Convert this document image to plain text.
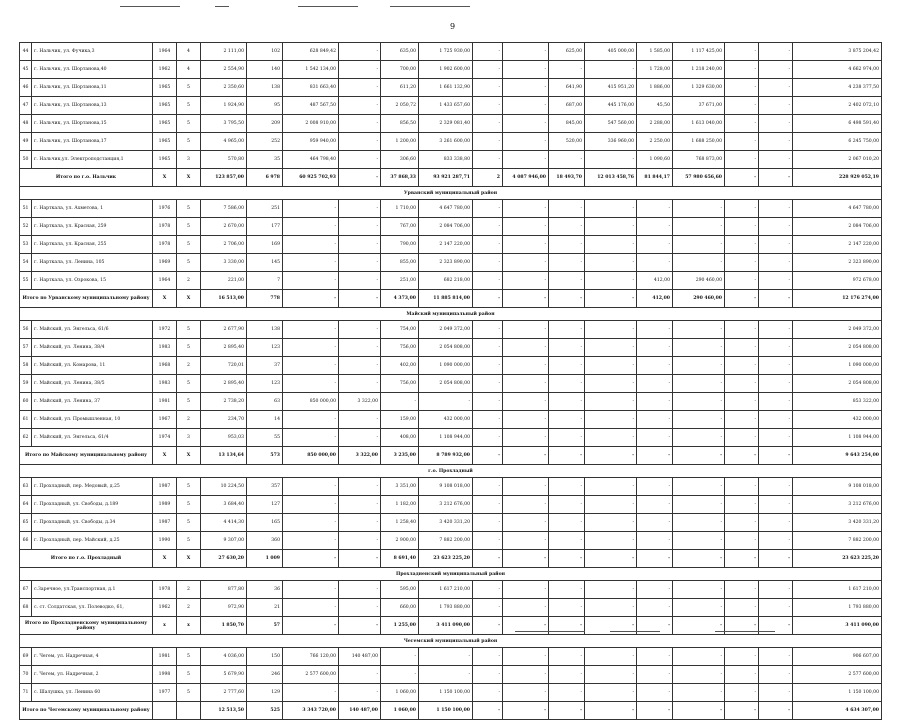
9
44	г. Нальчик, ул. Фучика,3	1964	4	2 111,00	102	628 849,42	-	635,00	1 725 930,00	-	-	625,00	405 000,00	1 585,00	1 117 425,00	-	-	3 875 204,42
45	г. Нальчик, ул. Шортанова,40	1962	4	2 554,90	140	1 542 134,00	-	700,00	1 902 600,00	-	-	-	-	1 728,00	1 218 240,00	-	-	4 662 974,00
46	г. Нальчик, ул. Шортанова,11	1965	5	2 350,60	138	831 663,40	-	611,20	1 661 132,90	-	-	641,90	415 951,20	1 886,00	1 329 630,00	-	-	4 238 377,50
47	г. Нальчик, ул. Шортанова,13	1965	5	1 924,90	95	487 567,50	-	2 050,72	1 433 657,60	-	-	687,00	445 176,00	45,50	37 671,00	-	-	2 402 072,10
48	г. Нальчик, ул. Шортанова,15	1965	5	3 795,50	209	2 008 910,00	-	856,50	2 329 081,40	-	-	845,00	547 560,00	2 288,00	1 613 040,00	-	-	6 498 591,40
49	г. Нальчик, ул. Шортанова,17	1965	5	4 965,00	252	959 940,00	-	1 200,00	3 261 600,00	-	-	520,00	336 960,00	2 250,00	1 688 250,00	-	-	6 245 750,00
50	г. Нальчик,ул. Электроподстанция,1	1965	3	570,80	35	464 798,40	-	306,60	833 338,80	-	-	-	-	1 090,60	768 873,00	-	-	2 067 010,20
Итого по г.о. Нальчик		X	X	123 857,00	6 978	60 925 702,93	-	37 868,33	93 921 287,71	2	4 087 946,00	18 493,70	12 013 458,76	81 844,17	57 980 656,60	-	-	228 929 052,19
Урванский муниципальный район																		
51	г. Нарткала, ул. Ахметова, 1	1976	5	7 586,00	251	-	-	1 710,00	4 647 780,00	-	-	-	-	-	-	-	-	4 647 780,00
52	г. Нарткала, ул. Красная, 259	1978	5	2 670,00	177	-	-	767,00	2 084 706,00	-	-	-	-	-	-	-	-	2 084 706,00
53	г. Нарткала, ул. Красная, 255	1978	5	2 706,00	169	-	-	790,00	2 147 220,00	-	-	-	-	-	-	-	-	2 147 220,00
54	г. Нарткала, ул. Ленина, 105	1969	5	3 330,00	145	-	-	855,00	2 323 890,00	-	-	-	-	-	-	-	-	2 323 890,00
55	г. Нарткала, ул. Озрокова, 15	1964	2	221,00	7	-	-	251,00	682 218,00	-	-	-	-	412,00	290 460,00	-	-	972 678,00
Итого по Урванскому муниципальному району		X	X	16 513,00	778	-	-	4 373,00	11 885 814,00	-	-	-	-	412,00	290 460,00	-	-	12 176 274,00
Майский муниципальный район																		
56	г. Майский, ул. Энгельса, 61/6	1972	5	2 677,90	138	-	-	754,00	2 049 372,00	-	-	-	-	-	-	-	-	2 049 372,00
57	г. Майский, ул. Ленина, 38/4	1983	5	2 895,40	123	-	-	756,00	2 054 808,00	-	-	-	-	-	-	-	-	2 054 808,00
58	г. Майский, ул. Комарова, 11	1968	2	720,01	37	-	-	402,00	1 090 000,00	-	-	-	-	-	-	-	-	1 090 000,00
59	г. Майский, ул. Ленина, 38/5	1983	5	2 895,40	123	-	-	756,00	2 054 808,00	-	-	-	-	-	-	-	-	2 054 808,00
60	г. Майский, ул. Ленина, 37	1981	5	2 738,20	63	850 000,00	3 322,00	-	-	-	-	-	-	-	-	-	-	853 322,00
61	г. Майский, ул. Промышленная, 10	1967	2	234,70	14	-	-	159,00	432 000,00	-	-	-	-	-	-	-	-	432 000,00
62	г. Майский, ул. Энгельса, 61/4	1974	3	953,03	55	-	-	408,00	1 108 944,00	-	-	-	-	-	-	-	-	1 108 944,00
Итого по Майскому муниципальному району		X	X	13 134,64	573	850 000,00	3 322,00	3 235,00	8 789 932,00	-	-	-	-	-	-	-	-	9 643 254,00
г.о. Прохладный																		
63	г. Прохладный, пер. Медовый, д.25	1987	5	10 224,50	357	-	-	3 351,00	9 108 018,00	-	-	-	-	-	-	-	-	9 108 018,00
64	г. Прохладный, ул. Свободы, д.189	1989	5	3 684,40	127	-	-	1 182,00	3 212 676,00	-	-	-	-	-	-	-	-	3 212 676,00
65	г. Прохладный, ул. Свободы, д.34	1987	5	4 414,30	165	-	-	1 258,40	3 420 331,20	-	-	-	-	-	-	-	-	3 420 331,20
66	г. Прохладный, пер. Майский, д.25	1990	5	9 307,00	360	-	-	2 900,00	7 882 200,00	-	-	-	-	-	-	-	-	7 882 200,00
Итого по г.о. Прохладный		X	X	27 630,20	1 009	-	-	8 691,40	23 623 225,20	-	-	-	-	-	-	-	-	23 623 225,20
Прохладненский муниципальный район																		
67	с.Заречное, ул.Транспортная, д.1	1978	2	877,80	36	-	-	595,00	1 617 210,00	-	-	-	-	-	-	-	-	1 617 210,00
68	с. ст. Солдатская, ул. Полеводко, 61,	1962	2	972,90	21	-	-	660,00	1 793 880,00	-	-	-	-	-	-	-	-	1 793 880,00
Итого по Прохладненскому муниципальному району		x	x	1 850,70	57	-	-	1 255,00	3 411 090,00	-	-	-	-	-	-	-	-	3 411 090,00
Чегемский муниципальный район																		
69	г. Чегем, ул. Надречная, 4	1981	5	4 036,00	150	766 120,00	140 487,00	-	-	-	-	-	-	-	-	-	-	906 607,00
70	г. Чегем, ул. Надречная, 2	1998	5	5 679,90	246	2 577 600,00	-	-	-	-	-	-	-	-	-	-	-	2 577 600,00
71	с. Шалушка, ул. Ленина 60	1977	5	2 777,60	129	-	-	1 060,00	1 150 100,00	-	-	-	-	-	-	-	-	1 150 100,00
Итого по Чегемскому муниципальному району				12 513,50	525	3 343 720,00	140 487,00	1 060,00	1 150 100,00	-	-	-	-	-	-	-	-	4 634 307,00
